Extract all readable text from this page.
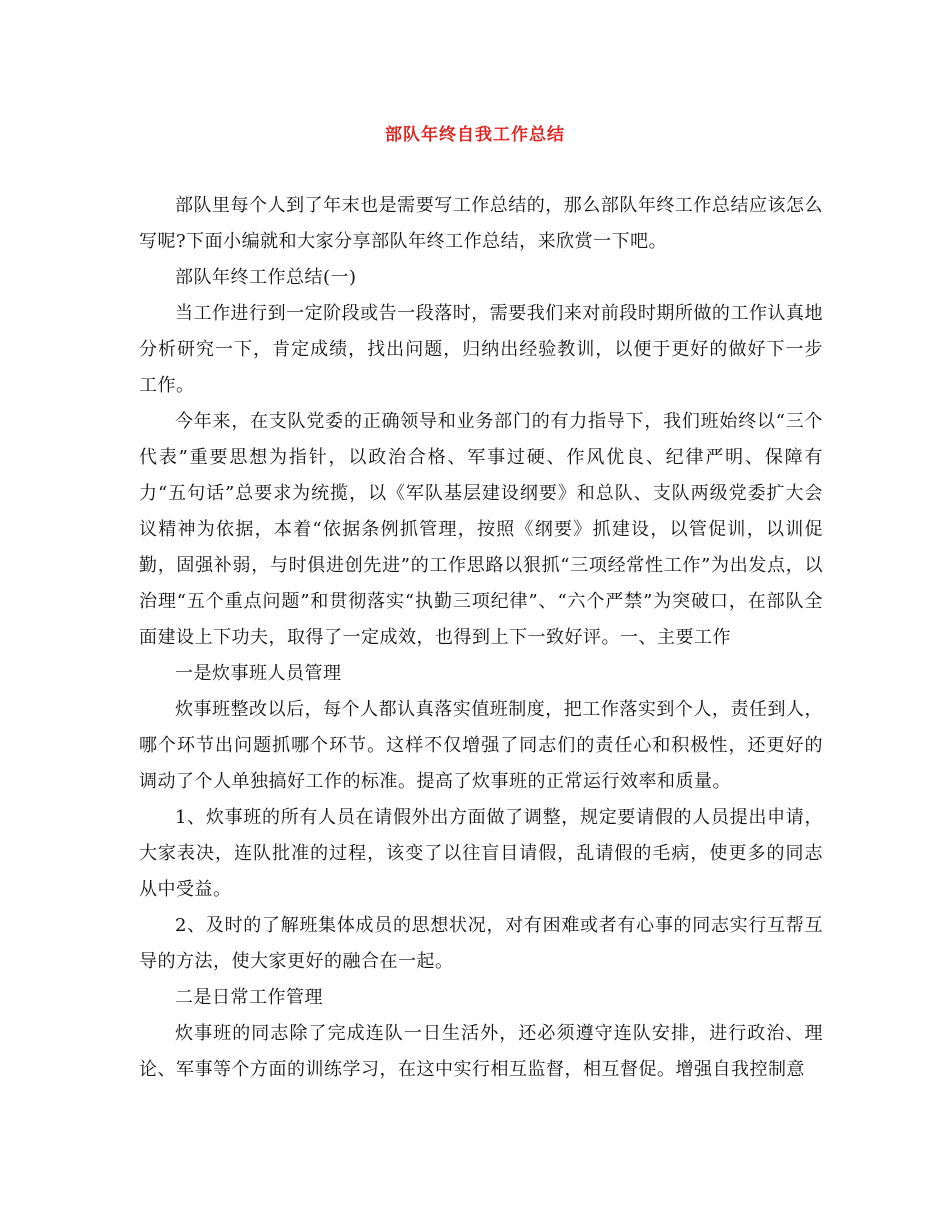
部队年终自我工作总结

部队里每个人到了年末也是需要写工作总结的，那么部队年终工作总结应该怎么写呢?下面小编就和大家分享部队年终工作总结，来欣赏一下吧。

部队年终工作总结(一)

当工作进行到一定阶段或告一段落时，需要我们来对前段时期所做的工作认真地分析研究一下，肯定成绩，找出问题，归纳出经验教训，以便于更好的做好下一步工作。

今年来，在支队党委的正确领导和业务部门的有力指导下，我们班始终以“三个代表”重要思想为指针，以政治合格、军事过硬、作风优良、纪律严明、保障有力“五句话”总要求为统揽，以《军队基层建设纲要》和总队、支队两级党委扩大会议精神为依据，本着“依据条例抓管理，按照《纲要》抓建设，以管促训，以训促勤，固强补弱，与时俱进创先进”的工作思路以狠抓“三项经常性工作”为出发点，以治理“五个重点问题”和贯彻落实“执勤三项纪律”、“六个严禁”为突破口，在部队全面建设上下功夫，取得了一定成效，也得到上下一致好评。一、主要工作

一是炊事班人员管理

炊事班整改以后，每个人都认真落实值班制度，把工作落实到个人，责任到人，哪个环节出问题抓哪个环节。这样不仅增强了同志们的责任心和积极性，还更好的调动了个人单独搞好工作的标准。提高了炊事班的正常运行效率和质量。

1、炊事班的所有人员在请假外出方面做了调整，规定要请假的人员提出申请，大家表决，连队批准的过程，该变了以往盲目请假，乱请假的毛病，使更多的同志从中受益。

2、及时的了解班集体成员的思想状况，对有困难或者有心事的同志实行互帮互导的方法，使大家更好的融合在一起。

二是日常工作管理

炊事班的同志除了完成连队一日生活外，还必须遵守连队安排，进行政治、理论、军事等个方面的训练学习，在这中实行相互监督，相互督促。增强自我控制意
